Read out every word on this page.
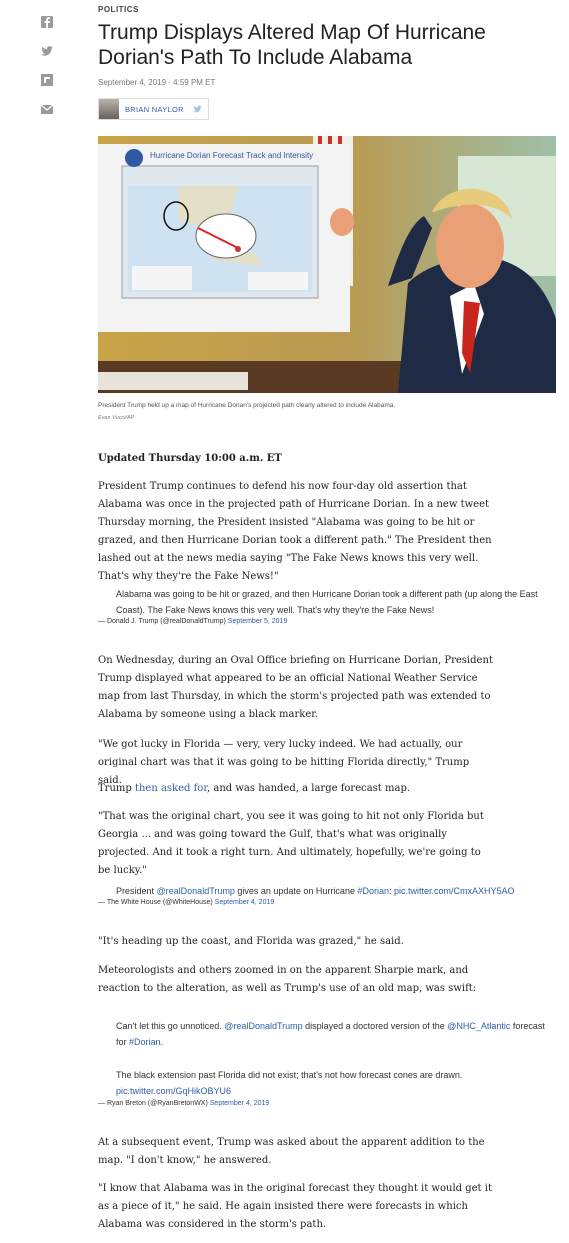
POLITICS
Trump Displays Altered Map Of Hurricane Dorian's Path To Include Alabama
September 4, 2019 · 4:59 PM ET
BRIAN NAYLOR
Hurricane Dorian Forecast Track and Intensity
President Trump held up a map of Hurricane Dorian's projected path clearly altered to include Alabama.
Evan Vucci/AP
Updated Thursday 10:00 a.m. ET

President Trump continues to defend his now four-day old assertion that Alabama was once in the projected path of Hurricane Dorian. In a new tweet Thursday morning, the President insisted "Alabama was going to be hit or grazed, and then Hurricane Dorian took a different path." The President then lashed out at the news media saying "The Fake News knows this very well. That's why they're the Fake News!"

Alabama was going to be hit or grazed, and then Hurricane Dorian took a different path (up along the East Coast). The Fake News knows this very well. That's why they're the Fake News!

— Donald J. Trump (@realDonaldTrump) September 5, 2019

On Wednesday, during an Oval Office briefing on Hurricane Dorian, President Trump displayed what appeared to be an official National Weather Service map from last Thursday, in which the storm's projected path was extended to Alabama by someone using a black marker.

"We got lucky in Florida — very, very lucky indeed. We had actually, our original chart was that it was going to be hitting Florida directly," Trump said.

Trump then asked for, and was handed, a large forecast map.

"That was the original chart, you see it was going to hit not only Florida but Georgia ... and was going toward the Gulf, that's what was originally projected. And it took a right turn. And ultimately, hopefully, we're going to be lucky."

President @realDonaldTrump gives an update on Hurricane #Dorian: pic.twitter.com/CmxAXHY5AO

— The White House (@WhiteHouse) September 4, 2019

"It's heading up the coast, and Florida was grazed," he said.

Meteorologists and others zoomed in on the apparent Sharpie mark, and reaction to the alteration, as well as Trump's use of an old map, was swift:

Can't let this go unnoticed. @realDonaldTrump displayed a doctored version of the @NHC_Atlantic forecast for #Dorian.

The black extension past Florida did not exist; that's not how forecast cones are drawn.

pic.twitter.com/GqHikOBYU6

— Ryan Breton (@RyanBretonWX) September 4, 2019

At a subsequent event, Trump was asked about the apparent addition to the map. "I don't know," he answered.

"I know that Alabama was in the original forecast they thought it would get it as a piece of it," he said. He again insisted there were forecasts in which Alabama was considered in the storm's path.
